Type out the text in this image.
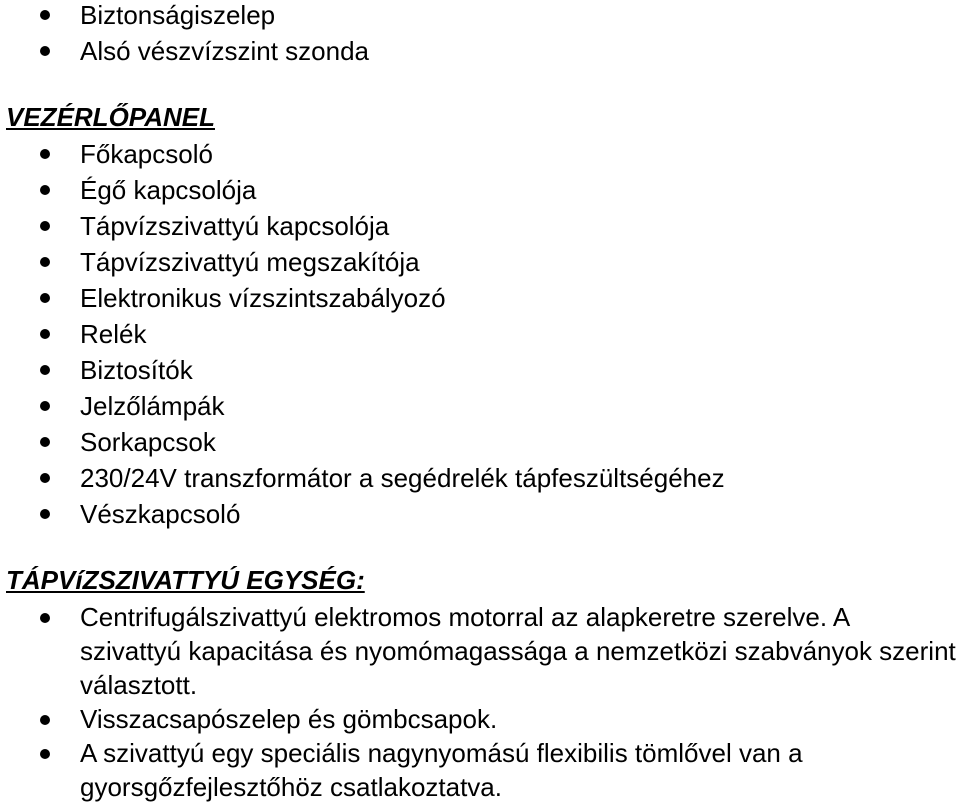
Biztonságiszelep
Alsó vészvízszint szonda
VEZÉRLŐPANEL
Főkapcsoló
Égő kapcsolója
Tápvízszivattyú kapcsolója
Tápvízszivattyú megszakítója
Elektronikus vízszintszabályozó
Relék
Biztosítók
Jelzőlámpák
Sorkapcsok
230/24V transzformátor a segédrelék tápfeszültségéhez
Vészkapcsoló
TÁPVíZSZIVATTYÚ EGYSÉG:
Centrifugálszivattyú elektromos motorral az alapkeretre szerelve. A szivattyú kapacitása és nyomómagassága a nemzetközi szabványok szerint választott.
Visszacsapószelep és gömbcsapok.
A szivattyú egy speciális nagynyomású flexibilis tömlővel van a gyorsgőzfejlesztőhöz csatlakoztatva.
